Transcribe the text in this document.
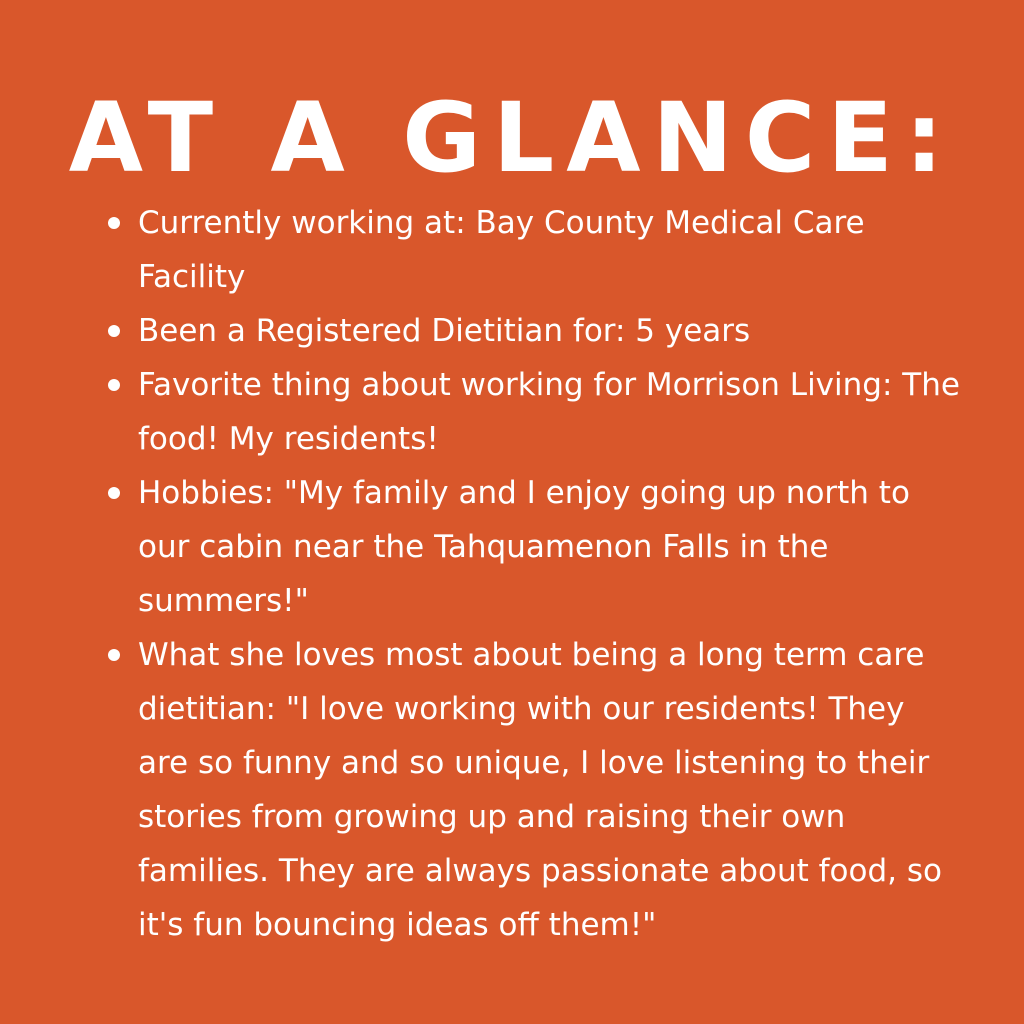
AT A GLANCE:
Currently working at: Bay County Medical Care Facility
Been a Registered Dietitian for: 5 years
Favorite thing about working for Morrison Living: The food! My residents!
Hobbies: "My family and I enjoy going up north to our cabin near the Tahquamenon Falls in the summers!"
What she loves most about being a long term care dietitian: "I love working with our residents! They are so funny and so unique, I love listening to their stories from growing up and raising their own families. They are always passionate about food, so it's fun bouncing ideas off them!"
